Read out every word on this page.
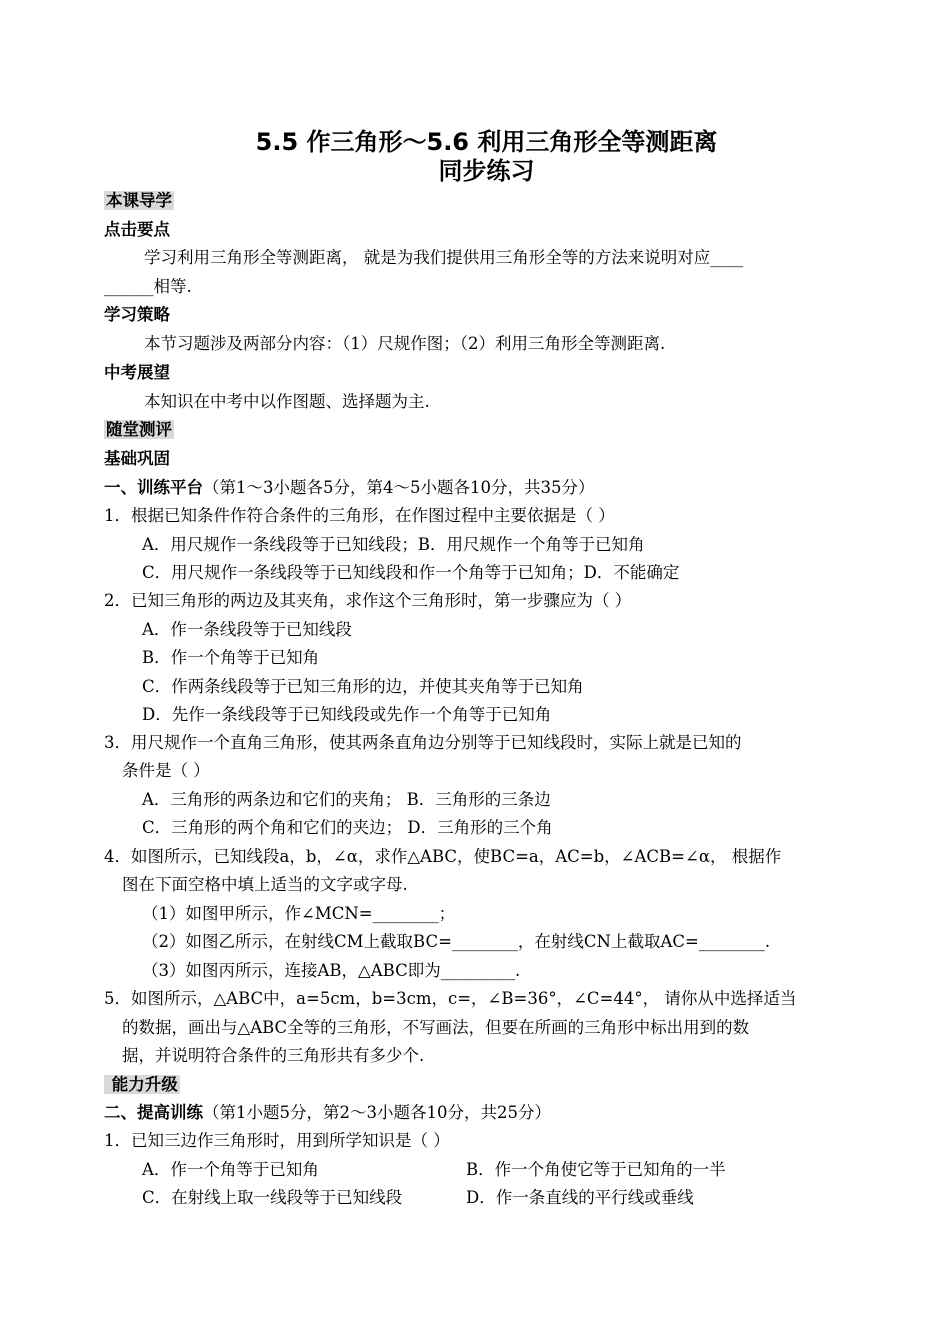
5.5 作三角形～5.6 利用三角形全等测距离
同步练习
本课导学
点击要点
学习利用三角形全等测距离， 就是为我们提供用三角形全等的方法来说明对应____
______相等.
学习策略
本节习题涉及两部分内容：（1）尺规作图；（2）利用三角形全等测距离.
中考展望
本知识在中考中以作图题、选择题为主.
随堂测评
基础巩固
一、训练平台（第1～3小题各5分，第4～5小题各10分，共35分）
1．根据已知条件作符合条件的三角形，在作图过程中主要依据是（ ）
A．用尺规作一条线段等于已知线段；B．用尺规作一个角等于已知角
C．用尺规作一条线段等于已知线段和作一个角等于已知角；D．不能确定
2．已知三角形的两边及其夹角，求作这个三角形时，第一步骤应为（ ）
A．作一条线段等于已知线段
B．作一个角等于已知角
C．作两条线段等于已知三角形的边，并使其夹角等于已知角
D．先作一条线段等于已知线段或先作一个角等于已知角
3．用尺规作一个直角三角形，使其两条直角边分别等于已知线段时，实际上就是已知的
条件是（ ）
A．三角形的两条边和它们的夹角； B．三角形的三条边
C．三角形的两个角和它们的夹边； D．三角形的三个角
4．如图所示，已知线段a，b，∠α，求作△ABC，使BC=a，AC=b，∠ACB=∠α， 根据作
图在下面空格中填上适当的文字或字母.
（1）如图甲所示，作∠MCN=________；
（2）如图乙所示，在射线CM上截取BC=________，在射线CN上截取AC=________.
（3）如图丙所示，连接AB，△ABC即为_________.
5．如图所示，△ABC中，a=5cm，b=3cm，c=，∠B=36°，∠C=44°， 请你从中选择适当
的数据，画出与△ABC全等的三角形，不写画法，但要在所画的三角形中标出用到的数
据，并说明符合条件的三角形共有多少个.
能力升级
二、提高训练（第1小题5分，第2～3小题各10分，共25分）
1．已知三边作三角形时，用到所学知识是（ ）
A．作一个角等于已知角	B．作一个角使它等于已知角的一半
C．在射线上取一线段等于已知线段	D．作一条直线的平行线或垂线
